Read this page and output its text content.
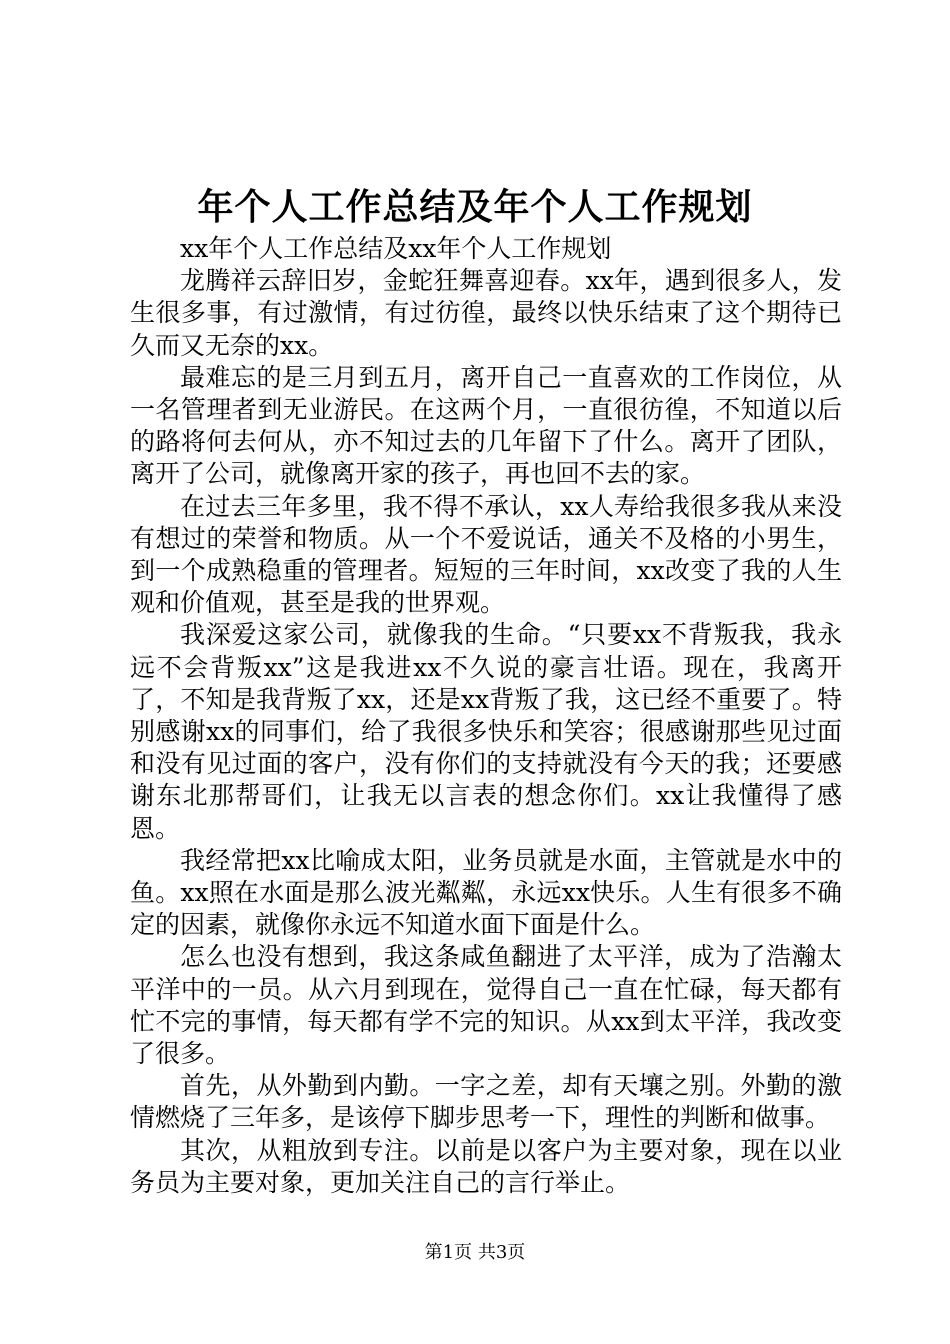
年个人工作总结及年个人工作规划

xx年个人工作总结及xx年个人工作规划

龙腾祥云辞旧岁，金蛇狂舞喜迎春。xx年，遇到很多人，发生很多事，有过激情，有过彷徨，最终以快乐结束了这个期待已久而又无奈的xx。

最难忘的是三月到五月，离开自己一直喜欢的工作岗位，从一名管理者到无业游民。在这两个月，一直很彷徨，不知道以后的路将何去何从，亦不知过去的几年留下了什么。离开了团队，离开了公司，就像离开家的孩子，再也回不去的家。

在过去三年多里，我不得不承认，xx人寿给我很多我从来没有想过的荣誉和物质。从一个不爱说话，通关不及格的小男生，到一个成熟稳重的管理者。短短的三年时间，xx改变了我的人生观和价值观，甚至是我的世界观。

我深爱这家公司，就像我的生命。“只要xx不背叛我，我永远不会背叛xx”这是我进xx不久说的豪言壮语。现在，我离开了，不知是我背叛了xx，还是xx背叛了我，这已经不重要了。特别感谢xx的同事们，给了我很多快乐和笑容；很感谢那些见过面和没有见过面的客户，没有你们的支持就没有今天的我；还要感谢东北那帮哥们，让我无以言表的想念你们。xx让我懂得了感恩。

我经常把xx比喻成太阳，业务员就是水面，主管就是水中的鱼。xx照在水面是那么波光粼粼，永远xx快乐。人生有很多不确定的因素，就像你永远不知道水面下面是什么。

怎么也没有想到，我这条咸鱼翻进了太平洋，成为了浩瀚太平洋中的一员。从六月到现在，觉得自己一直在忙碌，每天都有忙不完的事情，每天都有学不完的知识。从xx到太平洋，我改变了很多。

首先，从外勤到内勤。一字之差，却有天壤之别。外勤的激情燃烧了三年多，是该停下脚步思考一下，理性的判断和做事。

其次，从粗放到专注。以前是以客户为主要对象，现在以业务员为主要对象，更加关注自己的言行举止。

第1页 共3页
